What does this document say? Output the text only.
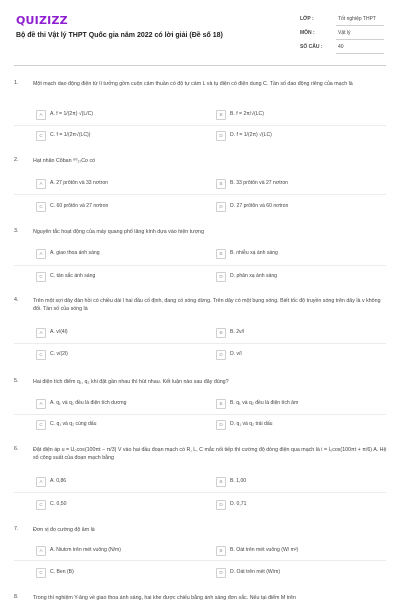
QUIZIZZ
Bộ đề thi Vật lý THPT Quốc gia năm 2022 có lời giải (Đề số 18)
LỚP :	Tốt nghiệp THPT
MÔN :	Vật lý
SỐ CÂU :	40
1.	Một mạch dao động điện từ lí tưởng gồm cuộn cảm thuần có độ tự cảm L và tụ điện có điện dung C. Tần số dao động riêng của mạch là
A	A. f = 1/(2π) √(L/C)	B	B. f = 2π/√(LC)
C	C. f = 1/(2π√(LC))	D	D. f = 1/(2π) √(LC)
2.	Hạt nhân Côban ⁶⁰₂₇Co có
A	A. 27 prôtôn và 33 nơtron	B	B. 33 prôtôn và 27 nơtron
C	C. 60 prôtôn và 27 nơtron	D	D. 27 prôtôn và 60 nơtron
3.	Nguyên tắc hoạt động của máy quang phổ lăng kính dựa vào hiện tượng
A	A. giao thoa ánh sáng	B	B. nhiễu xạ ánh sáng
C	C. tán sắc ánh sáng	D	D. phản xạ ánh sáng
4.	Trên một sợi dây đàn hồi có chiều dài l hai đầu cố định, đang có sóng dừng. Trên dây có một bụng sóng. Biết tốc độ truyền sóng trên dây là v không đổi. Tần số của sóng là
A	A. v/(4l)	B	B. 2v/l
C	C. v/(2l)	D	D. v/l
5.	Hai điện tích điểm q₁, q₂ khi đặt gần nhau thì hút nhau. Kết luận nào sau đây đúng?
A	A. q₁ và q₂ đều là điện tích dương	B	B. q₁ và q₂ đều là điện tích âm
C	C. q₁ và q₂ cùng dấu	D	D. q₁ và q₂ trái dấu
6.	Đặt điện áp u = U₀cos(100πt − π/3) V vào hai đầu đoạn mạch có R, L, C mắc nối tiếp thì cường độ dòng điện qua mạch là i = I₀cos(100πt + π/6) A. Hệ số công suất của đoạn mạch bằng
A	A. 0,86	B	B. 1,00
C	C. 0,50	D	D. 0,71
7.	Đơn vị đo cường độ âm là
A	A. Niutơn trên mét vuông (N/m)	B	B. Oát trên mét vuông (W/ m²)
C	C. Ben (B)	D	D. Oát trên mét (W/m)
8.	Trong thí nghiệm Y-âng về giao thoa ánh sáng, hai khe được chiếu bằng ánh sáng đơn sắc. Nếu tại điểm M trên
